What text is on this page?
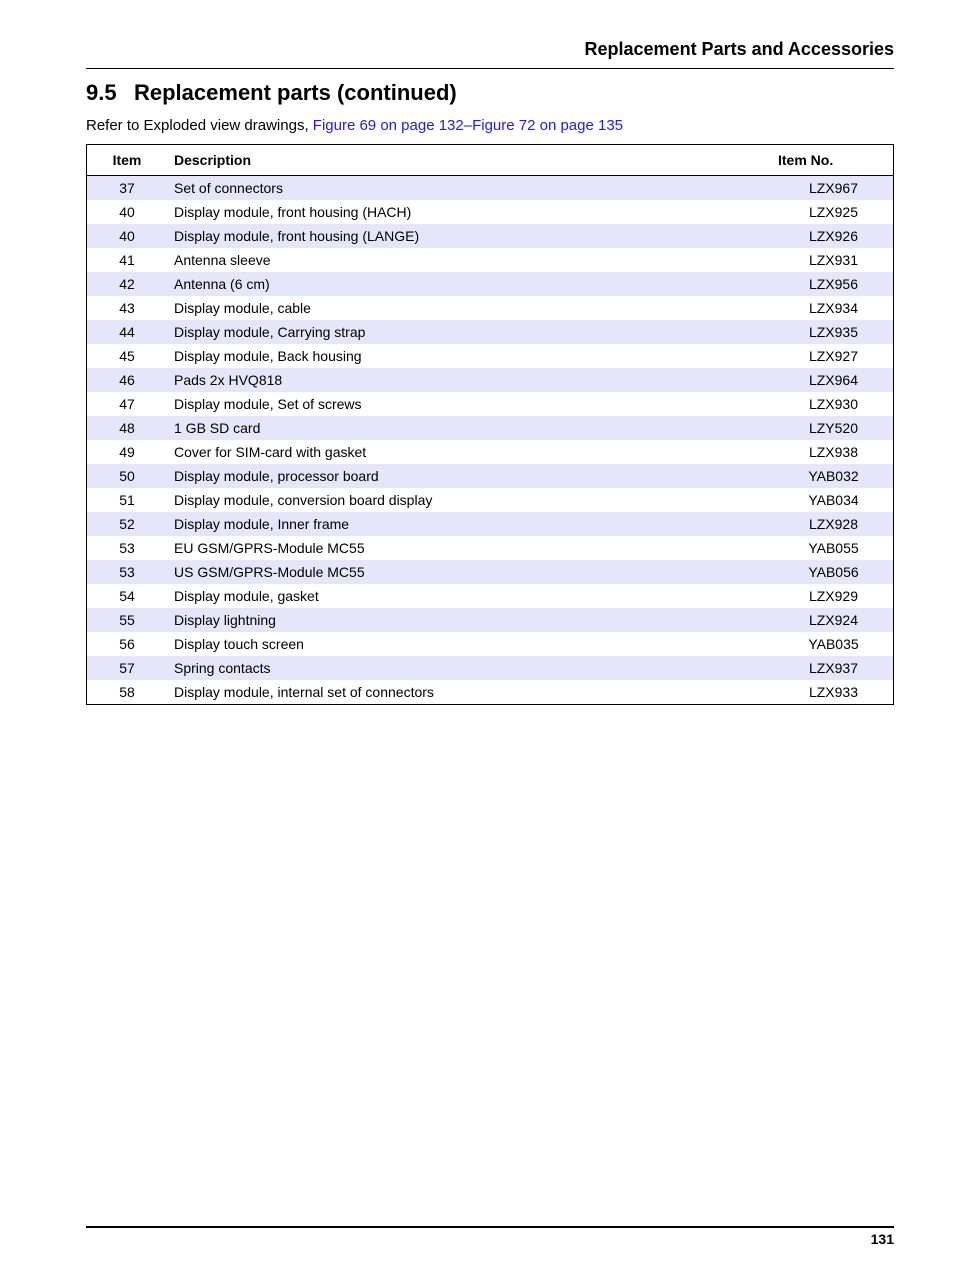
Replacement Parts and Accessories
9.5 Replacement parts (continued)

Refer to Exploded view drawings, Figure 69 on page 132–Figure 72 on page 135

Item	Description	Item No.
37	Set of connectors	LZX967
40	Display module, front housing (HACH)	LZX925
40	Display module, front housing (LANGE)	LZX926
41	Antenna sleeve	LZX931
42	Antenna (6 cm)	LZX956
43	Display module, cable	LZX934
44	Display module, Carrying strap	LZX935
45	Display module, Back housing	LZX927
46	Pads 2x HVQ818	LZX964
47	Display module, Set of screws	LZX930
48	1 GB SD card	LZY520
49	Cover for SIM-card with gasket	LZX938
50	Display module, processor board	YAB032
51	Display module, conversion board display	YAB034
52	Display module, Inner frame	LZX928
53	EU GSM/GPRS-Module MC55	YAB055
53	US GSM/GPRS-Module MC55	YAB056
54	Display module, gasket	LZX929
55	Display lightning	LZX924
56	Display touch screen	YAB035
57	Spring contacts	LZX937
58	Display module, internal set of connectors	LZX933
131
